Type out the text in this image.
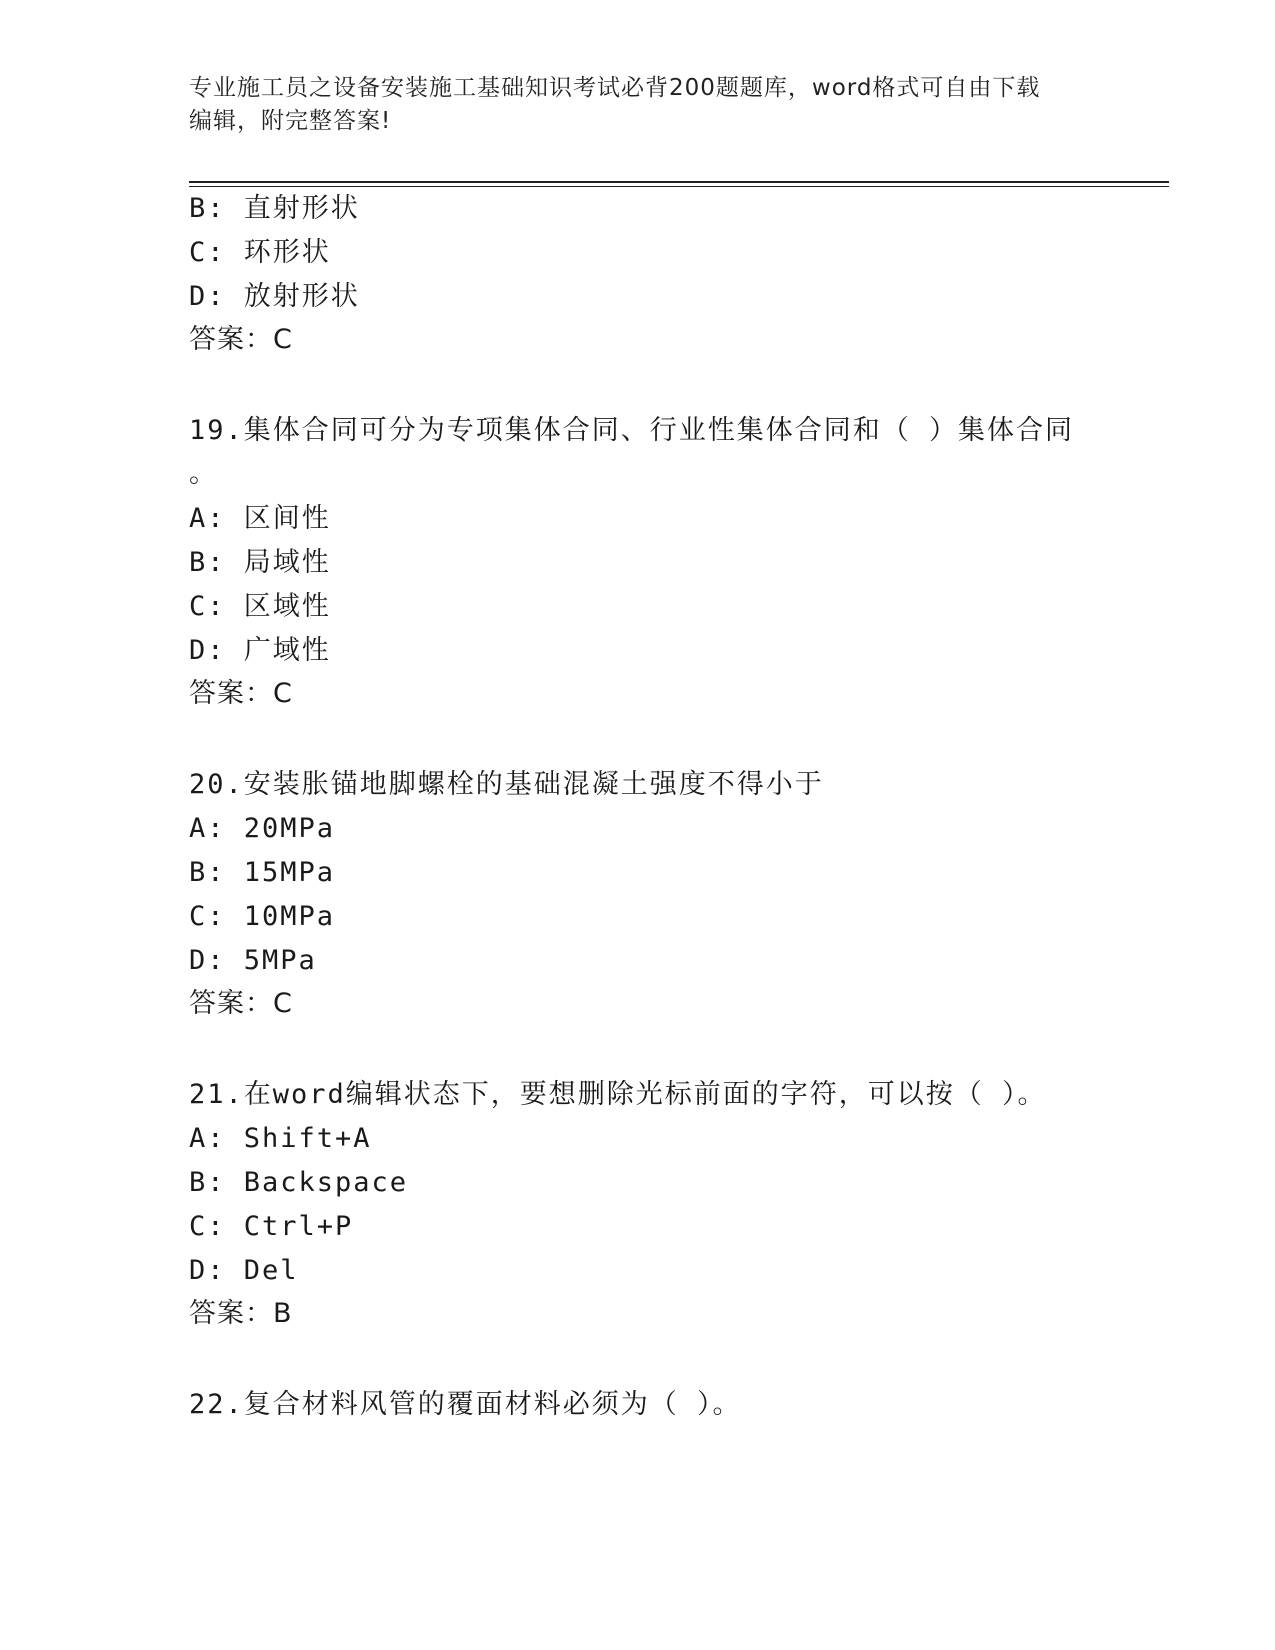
专业施工员之设备安装施工基础知识考试必背200题题库，word格式可自由下载
编辑，附完整答案!
B: 直射形状
C: 环形状
D: 放射形状
答案：C
19.集体合同可分为专项集体合同、行业性集体合同和（ ）集体合同
。
A: 区间性
B: 局域性
C: 区域性
D: 广域性
答案：C
20.安装胀锚地脚螺栓的基础混凝土强度不得小于
A: 20MPa
B: 15MPa
C: 10MPa
D: 5MPa
答案：C
21.在word编辑状态下，要想删除光标前面的字符，可以按（ ）。
A: Shift+A
B: Backspace
C: Ctrl+P
D: Del
答案：B
22.复合材料风管的覆面材料必须为（ ）。
